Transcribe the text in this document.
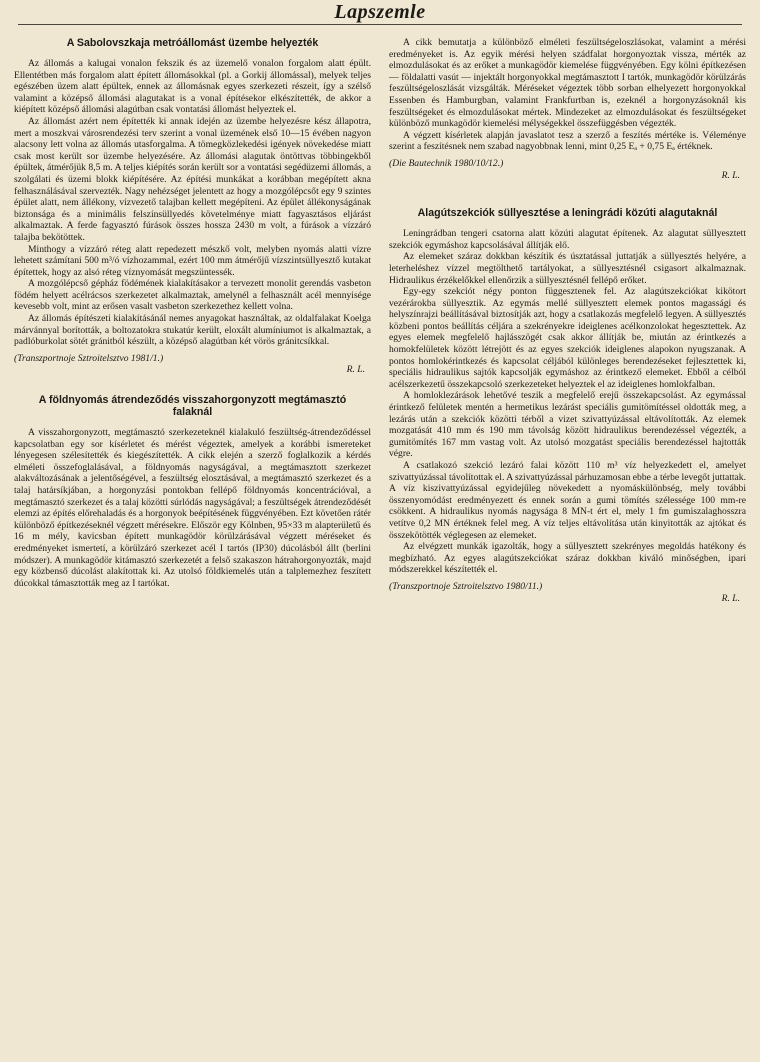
Lapszemle
A Sabolovszkaja metróállomást üzembe helyezték

Az állomás a kalugai vonalon fekszik és az üzemelő vonalon forgalom alatt épült. Ellentétben más forgalom alatt épített állomásokkal (pl. a Gorkij állomással), melyek teljes egészében üzem alatt épültek, ennek az állomásnak egyes szerkezeti részeit, így a szélső valamint a középső állomási alagutakat is a vonal építésekor elkészítették, de akkor a kiépített középső állomási alagútban csak vontatási állomást helyeztek el.

Az állomást azért nem építették ki annak idején az üzembe helyezésre kész állapotra, mert a moszkvai városrendezési terv szerint a vonal üzemének első 10—15 évében nagyon alacsony lett volna az állomás utasforgalma. A tömegközlekedési igények növekedése miatt csak most került sor üzembe helyezésére. Az állomási alagutak öntöttvas többingekből épültek, átmérőjük 8,5 m. A teljes kiépítés során került sor a vontatási segédüzemi állomás, a szolgálati és üzemi blokk kiépítésére. Az építési munkákat a korábban megépített akna felhasználásával szervezték. Nagy nehézséget jelentett az hogy a mozgólépcsőt egy 9 szintes épület alatt, nem állékony, vízvezető talajban kellett megépíteni. Az épület állékonyságának biztonsága és a minimális felszínsüllyedés követelménye miatt fagyasztásos eljárást alkalmaztak. A ferde fagyasztó fúrások összes hossza 2430 m volt, a fúrások a vízzáró talajba bekötöttek.

Minthogy a vízzáró réteg alatt repedezett mészkő volt, melyben nyomás alatti vízre lehetett számítani 500 m³/ó vízhozammal, ezért 100 mm átmérőjű vízszintsüllyesztő kutakat építettek, hogy az alsó réteg víznyomását megszüntessék.

A mozgólépcső gépház födémének kialakításakor a tervezett monolit gerendás vasbeton födém helyett acélrácsos szerkezetet alkalmaztak, amelynél a felhasznált acél mennyisége kevesebb volt, mint az erősen vasalt vasbeton szerkezethez kellett volna.

Az állomás építészeti kialakításánál nemes anyagokat használtak, az oldalfalakat Koelga márvánnyal borították, a boltozatokra stukatúr került, eloxált alumíniumot is alkalmaztak, a padlóburkolat sötét gránitból készült, a középső alagútban két vörös gránitcsíkkal.

(Transzportnoje Sztroitelsztvo 1981/1.)

R. L.
A földnyomás átrendeződés visszahorgonyzott megtámasztó falaknál

A visszahorgonyzott, megtámasztó szerkezeteknél kialakuló feszültség-átrendeződéssel kapcsolatban egy sor kísérletet és mérést végeztek, amelyek a korábbi ismereteket lényegesen szélesítették és kiegészítették. A cikk elején a szerző foglalkozik a kérdés elméleti összefoglalásával, a földnyomás nagyságával, a megtámasztott szerkezet alakváltozásának a jelentőségével, a feszültség elosztásával, a megtámasztó szerkezet és a talaj határsíkjában, a horgonyzási pontokban fellépő földnyomás koncentrációval, a megtámasztó szerkezet és a talaj közötti súrlódás nagyságával; a feszültségek átrendeződését elemzi az építés előrehaladás és a horgonyok beépítésének függvényében. Ezt követően rátér különböző építkezéseknél végzett mérésekre. Először egy Kölnben, 95×33 m alapterületű és 16 m mély, kavicsban épített munkagödör körülzárásával végzett méréseket és eredményeket ismertetí, a körülzáró szerkezet acél I tartós (IP30) dúcolásból állt (berlini módszer). A munkagödör kitámasztó szerkezetét a felső szakaszon hátrahorgonyozták, majd egy közbenső dúcolást alakítottak ki. Az utolsó földkiemelés után a talplemezhez feszített dúcokkal támasztották meg az I tartókat.

A cikk bemutatja a különböző elméleti feszültségeloszlásokat, valamint a mérési eredményeket is. Az egyik mérési helyen szádfalat horgonyoztak vissza, mérték az elmozdulásokat és az erőket a munkagödör kiemelése függvényében. Egy kölni építkezésen — földalatti vasút — injektált horgonyokkal megtámasztott I tartók, munkagödör körülzárás feszültségeloszlását vizsgálták. Méréseket végeztek több sorban elhelyezett horgonyokkal Essenben és Hamburgban, valamint Frankfurtban is, ezeknél a horgonyzásoknál kis feszültségeket és elmozdulásokat mértek. Mindezeket az elmozdulásokat és feszültségeket különböző munkagödör kiemelési mélységekkel összefüggésben végezték.

A végzett kísérletek alapján javaslatot tesz a szerző a feszítés mértéke is. Véleménye szerint a feszítésnek nem szabad nagyobbnak lenni, mint 0,25 Eₐ + 0,75 Eₐ értéknek.

(Die Bautechnik 1980/10/12.)

R. L.
Alagútszekciók süllyesztése a leningrádi közúti alagutaknál

Leningrádban tengeri csatorna alatt közúti alagutat építenek. Az alagutat süllyesztett szekciók egymáshoz kapcsolásával állítják elő.

Az elemeket száraz dokkban készítik és úsztatással juttatják a süllyesztés helyére, a leterheléshez vízzel megtölthető tartályokat, a süllyesztésnél csigasort alkalmaznak. Hidraulikus érzékelőkkel ellenőrzik a süllyesztésnél fellépő erőket.

Egy-egy szekciót négy ponton függesztenek fel. Az alagútszekciókat kikötort vezérárokba süllyesztik. Az egymás mellé süllyesztett elemek pontos magassági és helyszínrajzi beállításával biztosítják azt, hogy a csatlakozás megfelelő legyen. A süllyesztés közbeni pontos beállítás céljára a szekrényekre ideiglenes acélkonzolokat hegesztettek. Az egyes elemek megfelelő hajlásszögét csak akkor állítják be, miután az érintkezés a homokfelületek között létrejött és az egyes szekciók ideiglenes alapokon nyugszanak. A pontos homlokérintkezés és kapcsolat céljából különleges berendezéseket fejlesztettek ki, speciális hidraulikus sajtók kapcsolják egymáshoz az érintkező elemeket. Ebből a célból acélszerkezetű összekapcsoló szerkezeteket helyeztek el az ideiglenes homlokfalban.

A homloklezárások lehetővé teszik a megfelelő erejű összekapcsolást. Az egymással érintkező felületek mentén a hermetikus lezárást speciális gumitömítéssel oldották meg, a lezárás után a szekciók közötti térből a vizet szivattyúzással eltávolították. Az elemek mozgatását 410 mm és 190 mm távolság között hidraulikus berendezéssel végezték, a gumitömítés 167 mm vastag volt. Az utolsó mozgatást speciális berendezéssel hajtották végre.

A csatlakozó szekció lezáró falai között 110 m³ víz helyezkedett el, amelyet szivattyúzással távolítottak el. A szivattyúzással párhuzamosan ebbe a térbe levegőt juttattak. A víz kiszivattyúzással egyidejűleg növekedett a nyomáskülönbség, mely további összenyomódást eredményezett és ennek során a gumi tömítés szélessége 100 mm-re csökkent. A hidraulikus nyomás nagysága 8 MN-t ért el, mely 1 fm gumiszalaghosszra vetítve 0,2 MN értéknek felel meg. A víz teljes eltávolítása után kinyitották az ajtókat és összekötötték véglegesen az elemeket.

Az elvégzett munkák igazolták, hogy a süllyesztett szekrényes megoldás hatékony és megbízható. Az egyes alagútszekciókat száraz dokkban kiváló minőségben, ipari módszerekkel készítették el.

(Transzportnoje Sztroitelsztvo 1980/11.)

R. L.
